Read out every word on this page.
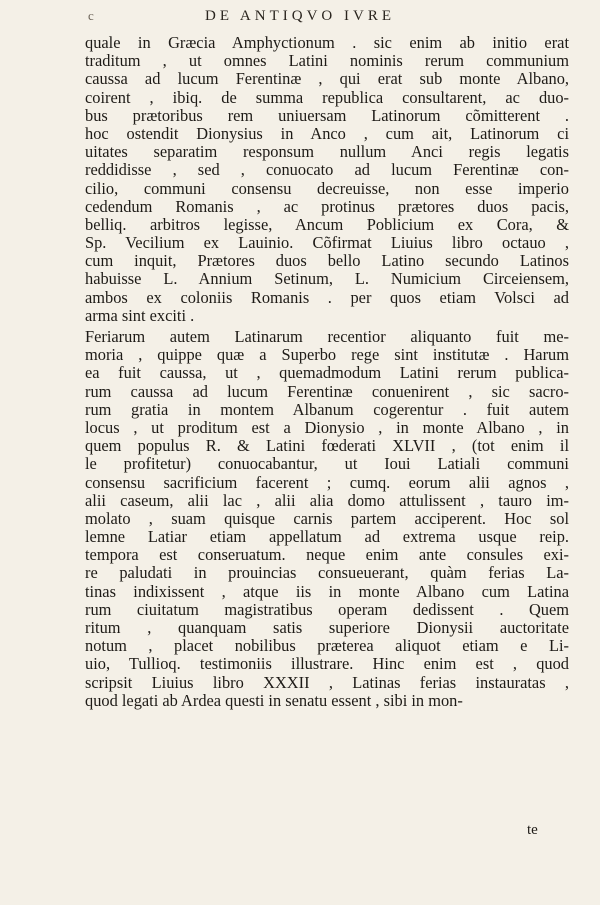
c	DE ANTIQVO IVRE
quale in Græcia Amphyctionum . sic enim ab initio erat
traditum , ut omnes Latini nominis rerum communium
caussa ad lucum Ferentinæ , qui erat sub monte Albano,
coirent , ibiq. de summa republica consultarent, ac duo-
bus prætoribus rem uniuersam Latinorum cõmitterent .
hoc ostendit Dionysius in Anco , cum ait, Latinorum ci
uitates separatim responsum nullum Anci regis legatis
reddidisse , sed , conuocato ad lucum Ferentinæ con-
cilio, communi consensu decreuisse, non esse imperio
cedendum Romanis , ac protinus prætores duos pacis,
belliq. arbitros legisse, Ancum Poblicium ex Cora, &
Sp. Vecilium ex Lauinio. Cõfirmat Liuius libro octauo ,
cum inquit, Prætores duos bello Latino secundo Latinos
habuisse L. Annium Setinum, L. Numicium Circeiensem,
ambos ex coloniis Romanis . per quos etiam Volsci ad
arma sint exciti .
Feriarum autem Latinarum recentior aliquanto fuit me-
moria , quippe quæ a Superbo rege sint institutæ . Harum
ea fuit caussa, ut , quemadmodum Latini rerum publica-
rum caussa ad lucum Ferentinæ conuenirent , sic sacro-
rum gratia in montem Albanum cogerentur . fuit autem
locus , ut proditum est a Dionysio , in monte Albano , in
quem populus R. & Latini fœderati XLVII , (tot enim il
le profitetur) conuocabantur, ut Ioui Latiali communi
consensu sacrificium facerent ; cumq. eorum alii agnos ,
alii caseum, alii lac , alii alia domo attulissent , tauro im-
molato , suam quisque carnis partem acciperent. Hoc sol
lemne Latiar etiam appellatum ad extrema usque reip.
tempora est conseruatum. neque enim ante consules exi-
re paludati in prouincias consueuerant, quàm ferias La-
tinas indixissent , atque iis in monte Albano cum Latina
rum ciuitatum magistratibus operam dedissent . Quem
ritum , quanquam satis superiore Dionysii auctoritate
notum , placet nobilibus præterea aliquot etiam e Li-
uio, Tullioq. testimoniis illustrare. Hinc enim est , quod
scripsit Liuius libro XXXII , Latinas ferias instauratas ,
quod legati ab Ardea questi in senatu essent , sibi in mon-
te
